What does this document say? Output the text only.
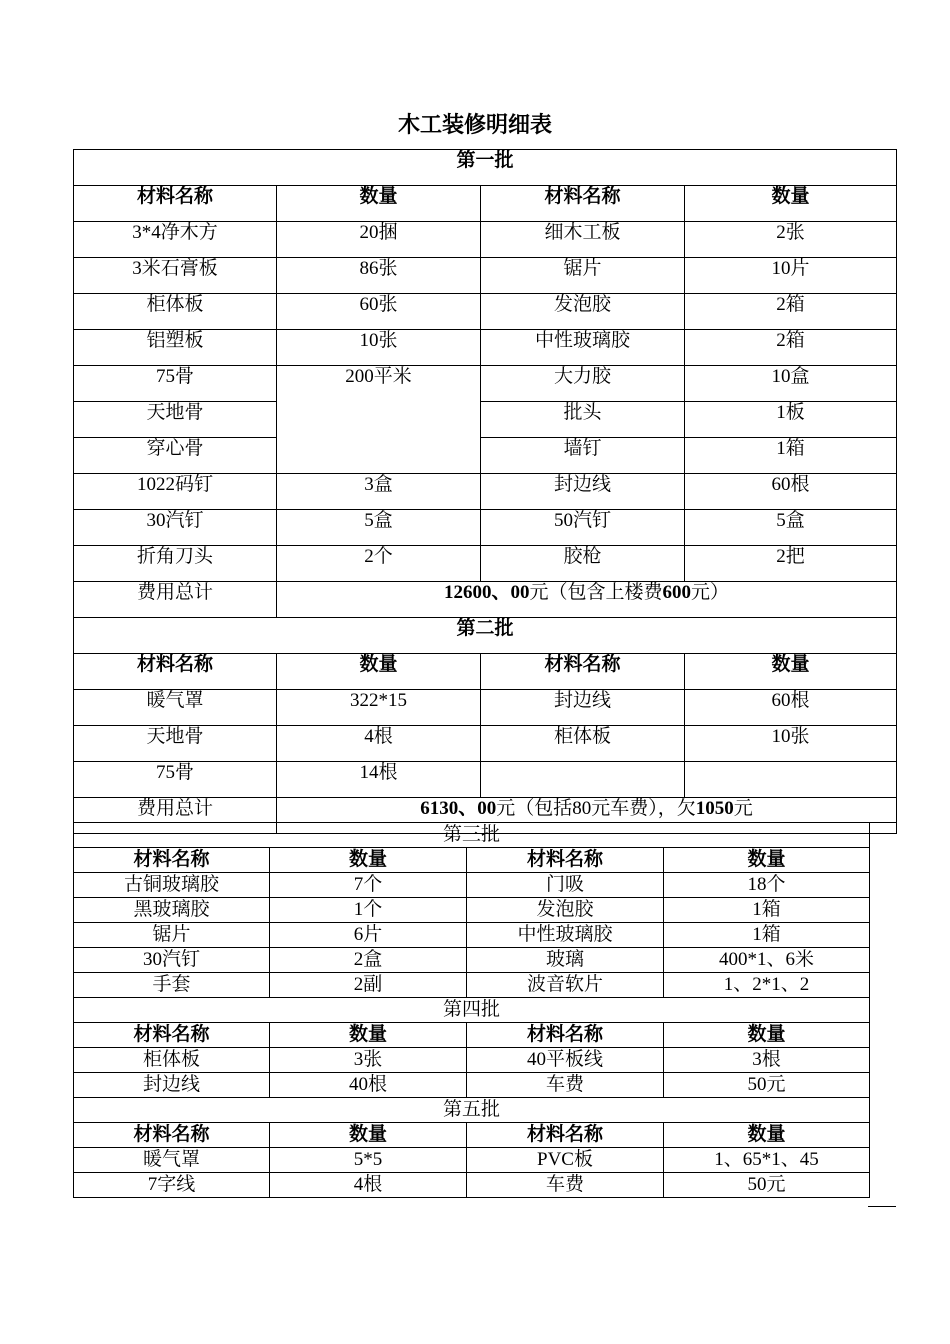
木工装修明细表
第一批			
材料名称	数量	材料名称	数量
3*4净木方	20捆	细木工板	2张
3米石膏板	86张	锯片	10片
柜体板	60张	发泡胶	2箱
铝塑板	10张	中性玻璃胶	2箱
75骨	200平米	大力胶	10盒
天地骨		批头	1板
穿心骨		墙钉	1箱
1022码钉	3盒	封边线	60根
30汽钉	5盒	50汽钉	5盒
折角刀头	2个	胶枪	2把
费用总计	12600、00元（包含上楼费600元）		
第二批			
材料名称	数量	材料名称	数量
暖气罩	322*15	封边线	60根
天地骨	4根	柜体板	10张
75骨	14根		
费用总计	6130、00元（包括80元车费），欠1050元		
第三批			
材料名称	数量	材料名称	数量
古铜玻璃胶	7个	门吸	18个
黑玻璃胶	1个	发泡胶	1箱
锯片	6片	中性玻璃胶	1箱
30汽钉	2盒	玻璃	400*1、6米
手套	2副	波音软片	1、2*1、2
第四批			
材料名称	数量	材料名称	数量
柜体板	3张	40平板线	3根
封边线	40根	车费	50元
第五批			
材料名称	数量	材料名称	数量
暖气罩	5*5	PVC板	1、65*1、45
7字线	4根	车费	50元
